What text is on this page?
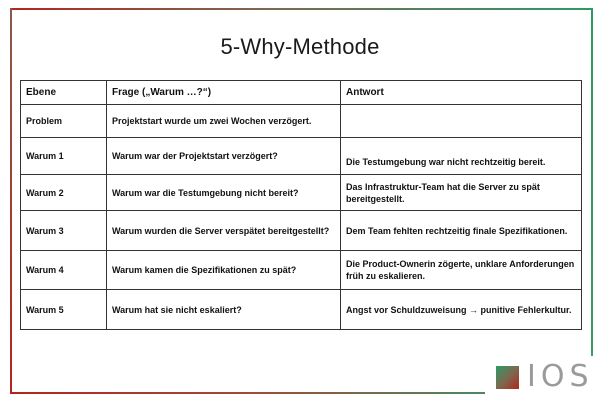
5-Why-Methode
Ebene	Frage („Warum …?“)	Antwort
Problem	Projektstart wurde um zwei Wochen verzögert.	
Warum 1	Warum war der Projektstart verzögert?	Die Testumgebung war nicht rechtzeitig bereit.
Warum 2	Warum war die Testumgebung nicht bereit?	Das Infrastruktur-Team hat die Server zu spät bereitgestellt.
Warum 3	Warum wurden die Server verspätet bereitgestellt?	Dem Team fehlten rechtzeitig finale Spezifikationen.
Warum 4	Warum kamen die Spezifikationen zu spät?	Die Product-Ownerin zögerte, unklare Anforderungen früh zu eskalieren.
Warum 5	Warum hat sie nicht eskaliert?	Angst vor Schuldzuweisung → punitive Fehlerkultur.
IOS
